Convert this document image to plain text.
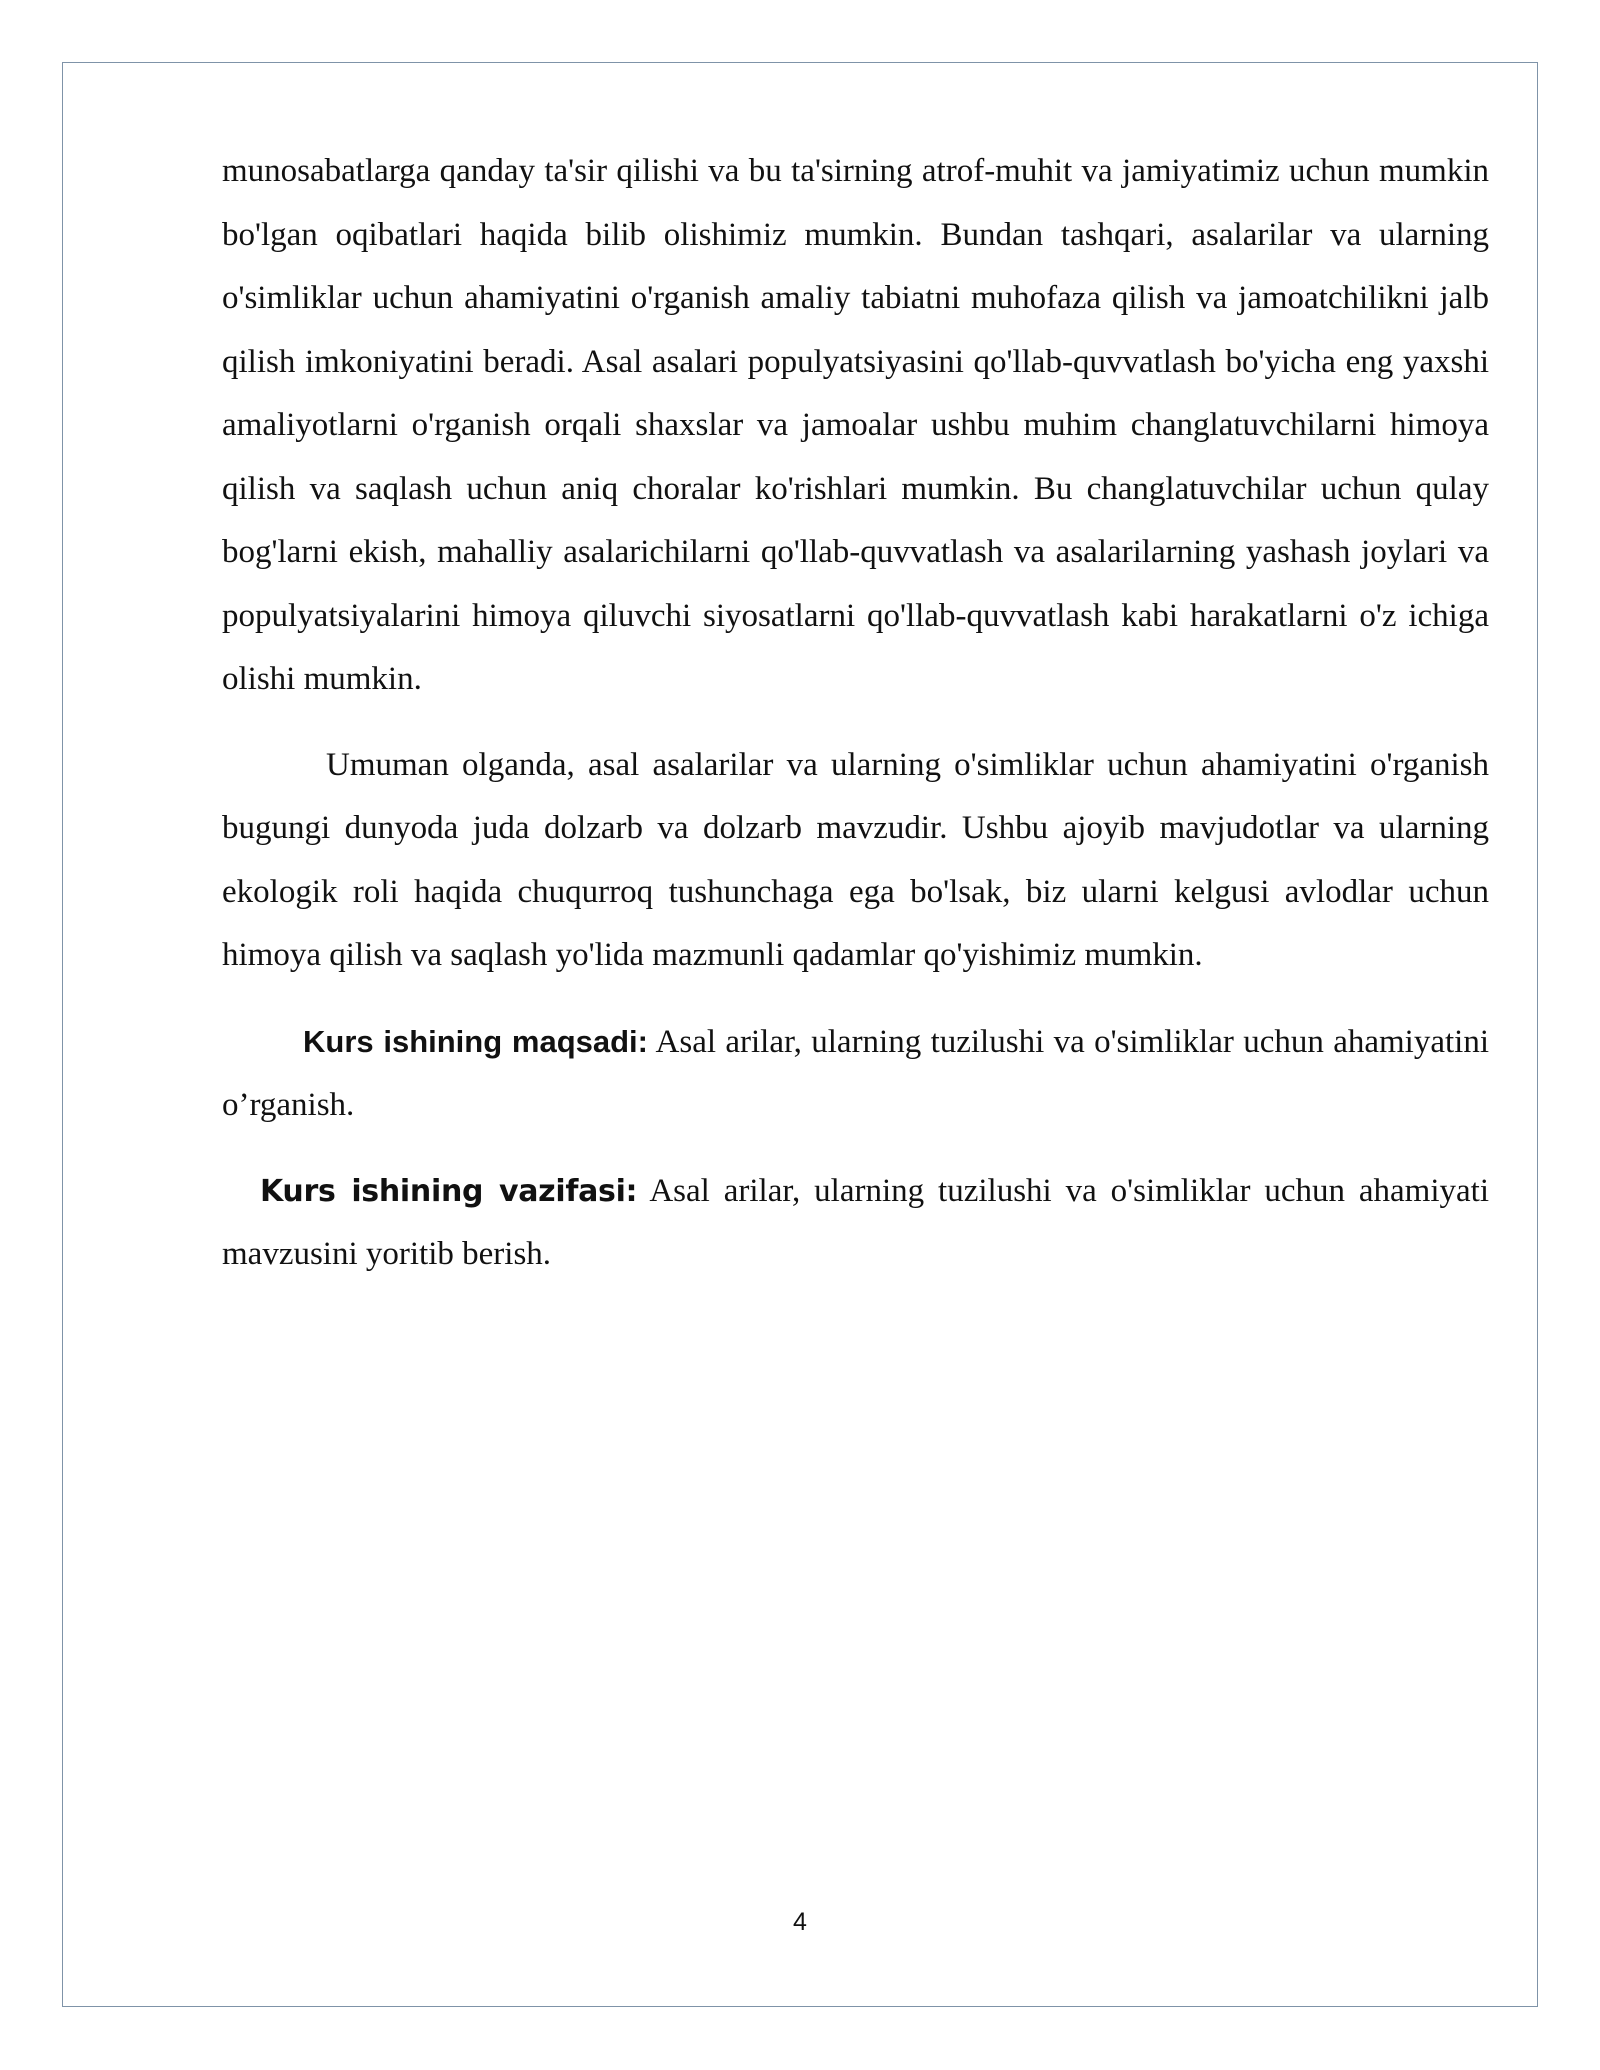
munosabatlarga qanday ta'sir qilishi va bu ta'sirning atrof-muhit va jamiyatimiz uchun mumkin bo'lgan oqibatlari haqida bilib olishimiz mumkin. Bundan tashqari, asalarilar va ularning o'simliklar uchun ahamiyatini o'rganish amaliy tabiatni muhofaza qilish va jamoatchilikni jalb qilish imkoniyatini beradi. Asal asalari populyatsiyasini qo'llab-quvvatlash bo'yicha eng yaxshi amaliyotlarni o'rganish orqali shaxslar va jamoalar ushbu muhim changlatuvchilarni himoya qilish va saqlash uchun aniq choralar ko'rishlari mumkin. Bu changlatuvchilar uchun qulay bog'larni ekish, mahalliy asalarichilarni qo'llab-quvvatlash va asalarilarning yashash joylari va populyatsiyalarini himoya qiluvchi siyosatlarni qo'llab-quvvatlash kabi harakatlarni o'z ichiga olishi mumkin.

Umuman olganda, asal asalarilar va ularning o'simliklar uchun ahamiyatini o'rganish bugungi dunyoda juda dolzarb va dolzarb mavzudir. Ushbu ajoyib mavjudotlar va ularning ekologik roli haqida chuqurroq tushunchaga ega bo'lsak, biz ularni kelgusi avlodlar uchun himoya qilish va saqlash yo'lida mazmunli qadamlar qo'yishimiz mumkin.

Kurs ishining maqsadi: Asal arilar, ularning tuzilushi va o'simliklar uchun ahamiyatini o’rganish.

Kurs ishining vazifasi: Asal arilar, ularning tuzilushi va o'simliklar uchun ahamiyati mavzusini yoritib berish.

4
